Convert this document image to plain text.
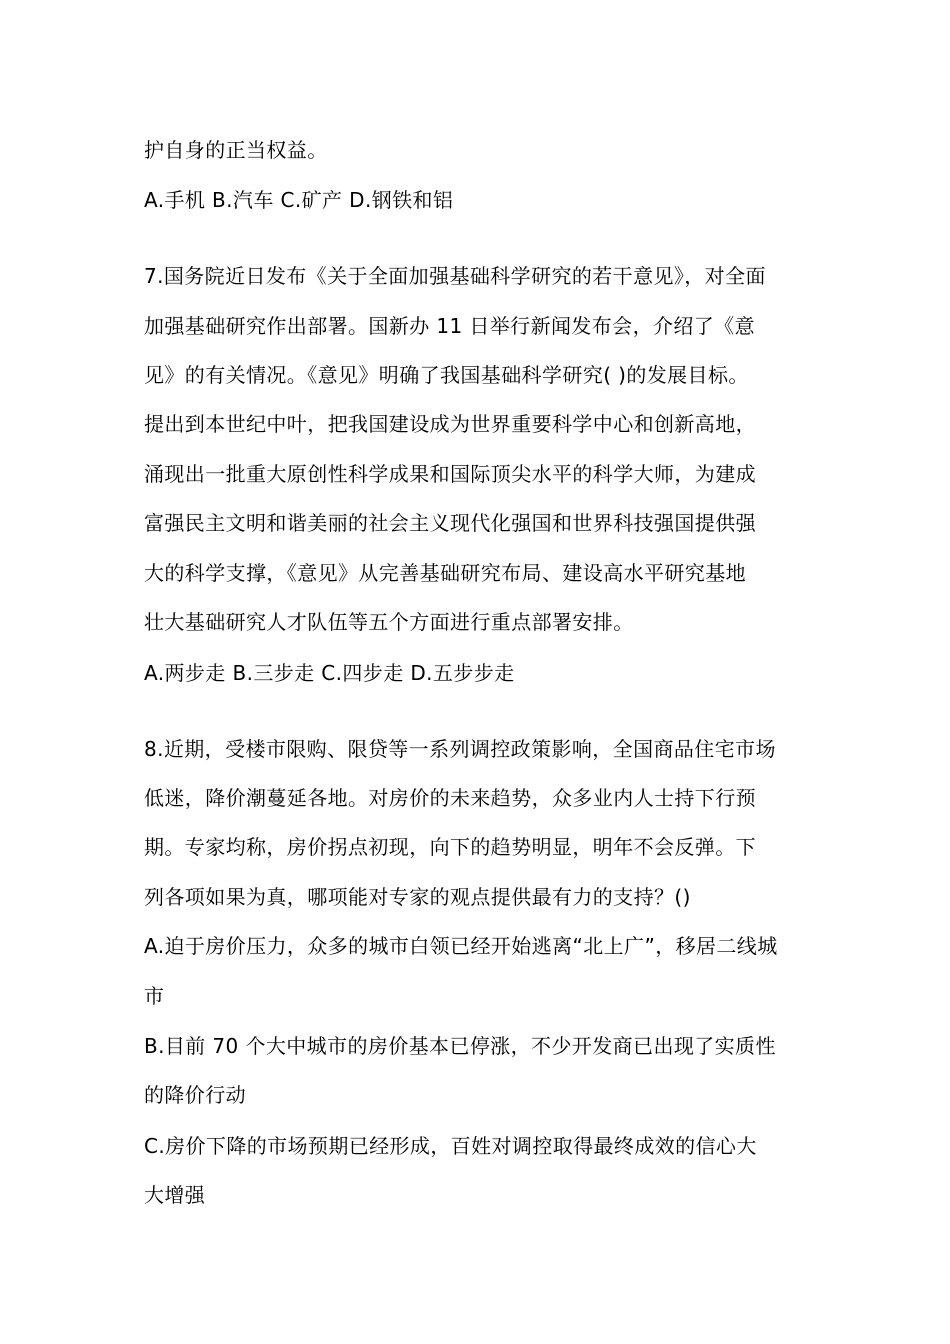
护自身的正当权益。
A.手机 B.汽车 C.矿产 D.钢铁和铝
7.国务院近日发布《关于全面加强基础科学研究的若干意见》，对全面
加强基础研究作出部署。国新办 11 日举行新闻发布会，介绍了《意
见》的有关情况。《意见》明确了我国基础科学研究( )的发展目标。
提出到本世纪中叶，把我国建设成为世界重要科学中心和创新高地，
涌现出一批重大原创性科学成果和国际顶尖水平的科学大师，为建成
富强民主文明和谐美丽的社会主义现代化强国和世界科技强国提供强
大的科学支撑，《意见》从完善基础研究布局、建设高水平研究基地
壮大基础研究人才队伍等五个方面进行重点部署安排。
A.两步走 B.三步走 C.四步走 D.五步步走
8.近期，受楼市限购、限贷等一系列调控政策影响，全国商品住宅市场
低迷，降价潮蔓延各地。对房价的未来趋势，众多业内人士持下行预
期。专家均称，房价拐点初现，向下的趋势明显，明年不会反弹。下
列各项如果为真，哪项能对专家的观点提供最有力的支持？()
A.迫于房价压力，众多的城市白领已经开始逃离“北上广”，移居二线城
市
B.目前 70 个大中城市的房价基本已停涨，不少开发商已出现了实质性
的降价行动
C.房价下降的市场预期已经形成，百姓对调控取得最终成效的信心大
大增强
